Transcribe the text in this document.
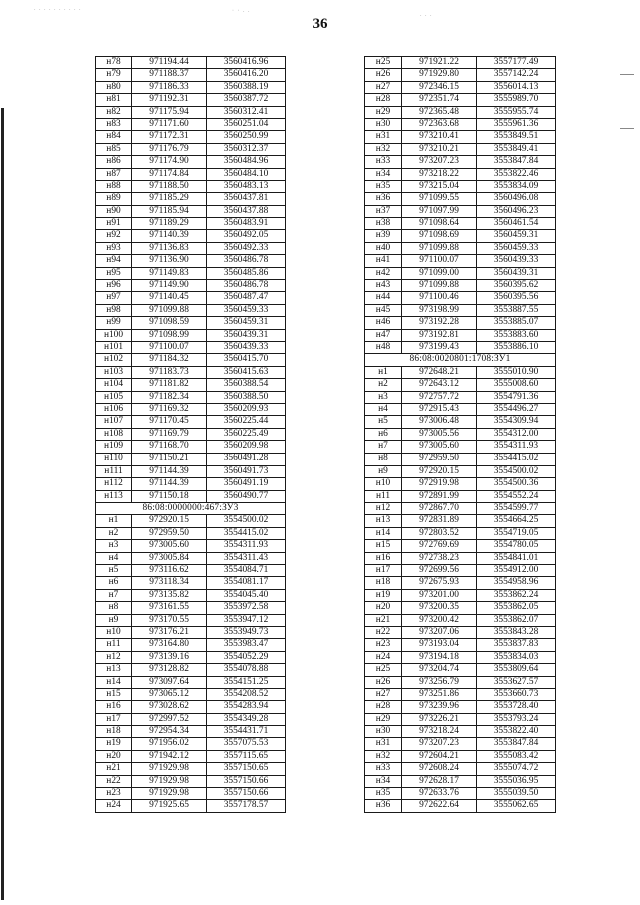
36
. . . . . . . . . .	· · . .
. . .
н78	971194.44	3560416.96
н79	971188.37	3560416.20
н80	971186.33	3560388.19
н81	971192.31	3560387.72
н82	971175.94	3560312.41
н83	971171.60	3560251.04
н84	971172.31	3560250.99
н85	971176.79	3560312.37
н86	971174.90	3560484.96
н87	971174.84	3560484.10
н88	971188.50	3560483.13
н89	971185.29	3560437.81
н90	971185.94	3560437.88
н91	971189.29	3560483.91
н92	971140.39	3560492.05
н93	971136.83	3560492.33
н94	971136.90	3560486.78
н95	971149.83	3560485.86
н96	971149.90	3560486.78
н97	971140.45	3560487.47
н98	971099.88	3560459.33
н99	971098.59	3560459.31
н100	971098.99	3560439.31
н101	971100.07	3560439.33
н102	971184.32	3560415.70
н103	971183.73	3560415.63
н104	971181.82	3560388.54
н105	971182.34	3560388.50
н106	971169.32	3560209.93
н107	971170.45	3560225.44
н108	971169.79	3560225.49
н109	971168.70	3560209.98
н110	971150.21	3560491.28
н111	971144.39	3560491.73
н112	971144.39	3560491.19
н113	971150.18	3560490.77
86:08:0000000:467:ЗУ3		
н1	972920.15	3554500.02
н2	972959.50	3554415.02
н3	973005.60	3554311.93
н4	973005.84	3554311.43
н5	973116.62	3554084.71
н6	973118.34	3554081.17
н7	973135.82	3554045.40
н8	973161.55	3553972.58
н9	973170.55	3553947.12
н10	973176.21	3553949.73
н11	973164.80	3553983.47
н12	973139.16	3554052.29
н13	973128.82	3554078.88
н14	973097.64	3554151.25
н15	973065.12	3554208.52
н16	973028.62	3554283.94
н17	972997.52	3554349.28
н18	972954.34	3554431.71
н19	971956.02	3557075.53
н20	971942.12	3557115.65
н21	971929.98	3557150.65
н22	971929.98	3557150.66
н23	971929.98	3557150.66
н24	971925.65	3557178.57
н25	971921.22	3557177.49
н26	971929.80	3557142.24
н27	972346.15	3556014.13
н28	972351.74	3555989.70
н29	972365.48	3555955.74
н30	972363.68	3555961.36
н31	973210.41	3553849.51
н32	973210.21	3553849.41
н33	973207.23	3553847.84
н34	973218.22	3553822.46
н35	973215.04	3553834.09
н36	971099.55	3560496.08
н37	971097.99	3560496.23
н38	971098.64	3560461.54
н39	971098.69	3560459.31
н40	971099.88	3560459.33
н41	971100.07	3560439.33
н42	971099.00	3560439.31
н43	971099.88	3560395.62
н44	971100.46	3560395.56
н45	973198.99	3553887.55
н46	973192.28	3553885.07
н47	973192.81	3553883.60
н48	973199.43	3553886.10
86:08:0020801:1708:ЗУ1		
н1	972648.21	3555010.90
н2	972643.12	3555008.60
н3	972757.72	3554791.36
н4	972915.43	3554496.27
н5	973006.48	3554309.94
н6	973005.56	3554312.00
н7	973005.60	3554311.93
н8	972959.50	3554415.02
н9	972920.15	3554500.02
н10	972919.98	3554500.36
н11	972891.99	3554552.24
н12	972867.70	3554599.77
н13	972831.89	3554664.25
н14	972803.52	3554719.05
н15	972769.69	3554780.05
н16	972738.23	3554841.01
н17	972699.56	3554912.00
н18	972675.93	3554958.96
н19	973201.00	3553862.24
н20	973200.35	3553862.05
н21	973200.42	3553862.07
н22	973207.06	3553843.28
н23	973193.04	3553837.83
н24	973194.18	3553834.03
н25	973204.74	3553809.64
н26	973256.79	3553627.57
н27	973251.86	3553660.73
н28	973239.96	3553728.40
н29	973226.21	3553793.24
н30	973218.24	3553822.40
н31	973207.23	3553847.84
н32	972604.21	3555083.42
н33	972608.24	3555074.72
н34	972628.17	3555036.95
н35	972633.76	3555039.50
н36	972622.64	3555062.65
